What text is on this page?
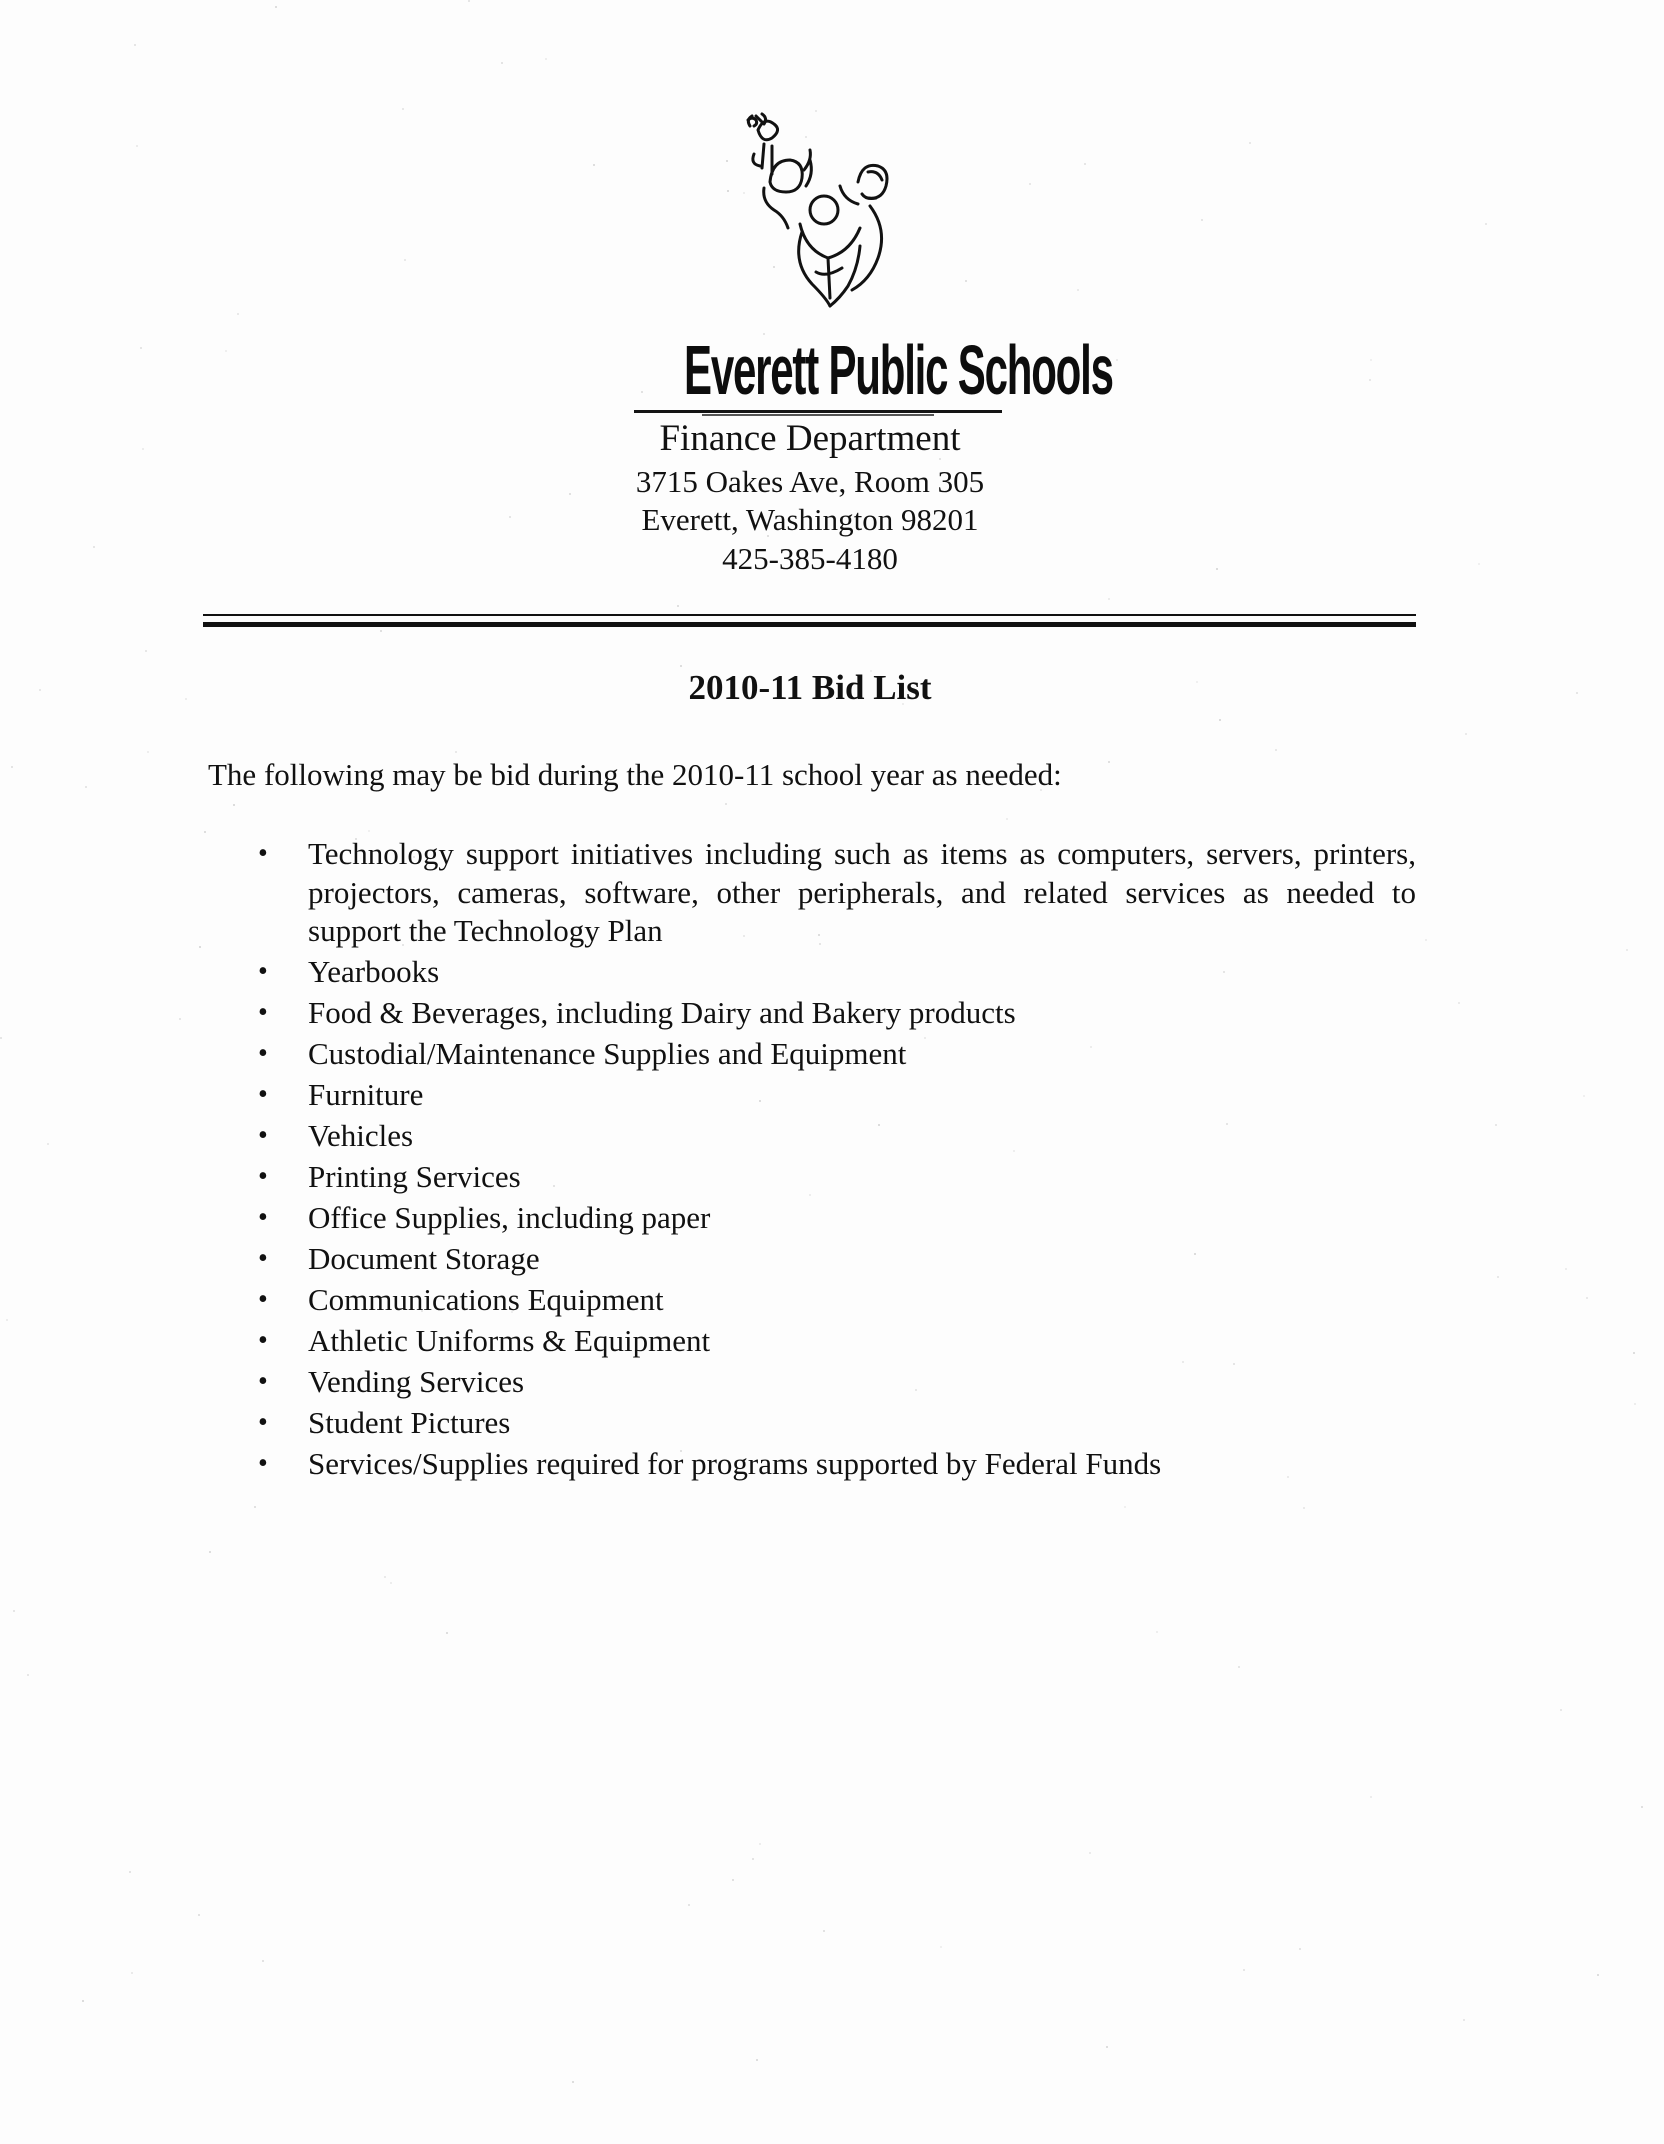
Everett Public Schools
Finance Department
3715 Oakes Ave, Room 305
Everett, Washington 98201
425-385-4180
2010-11 Bid List
The following may be bid during the 2010-11 school year as needed:
• Technology support initiatives including such as items as computers, servers, printers, projectors, cameras, software, other peripherals, and related services as needed to support the Technology Plan
• Yearbooks
• Food & Beverages, including Dairy and Bakery products
• Custodial/Maintenance Supplies and Equipment
• Furniture
• Vehicles
• Printing Services
• Office Supplies, including paper
• Document Storage
• Communications Equipment
• Athletic Uniforms & Equipment
• Vending Services
• Student Pictures
• Services/Supplies required for programs supported by Federal Funds
